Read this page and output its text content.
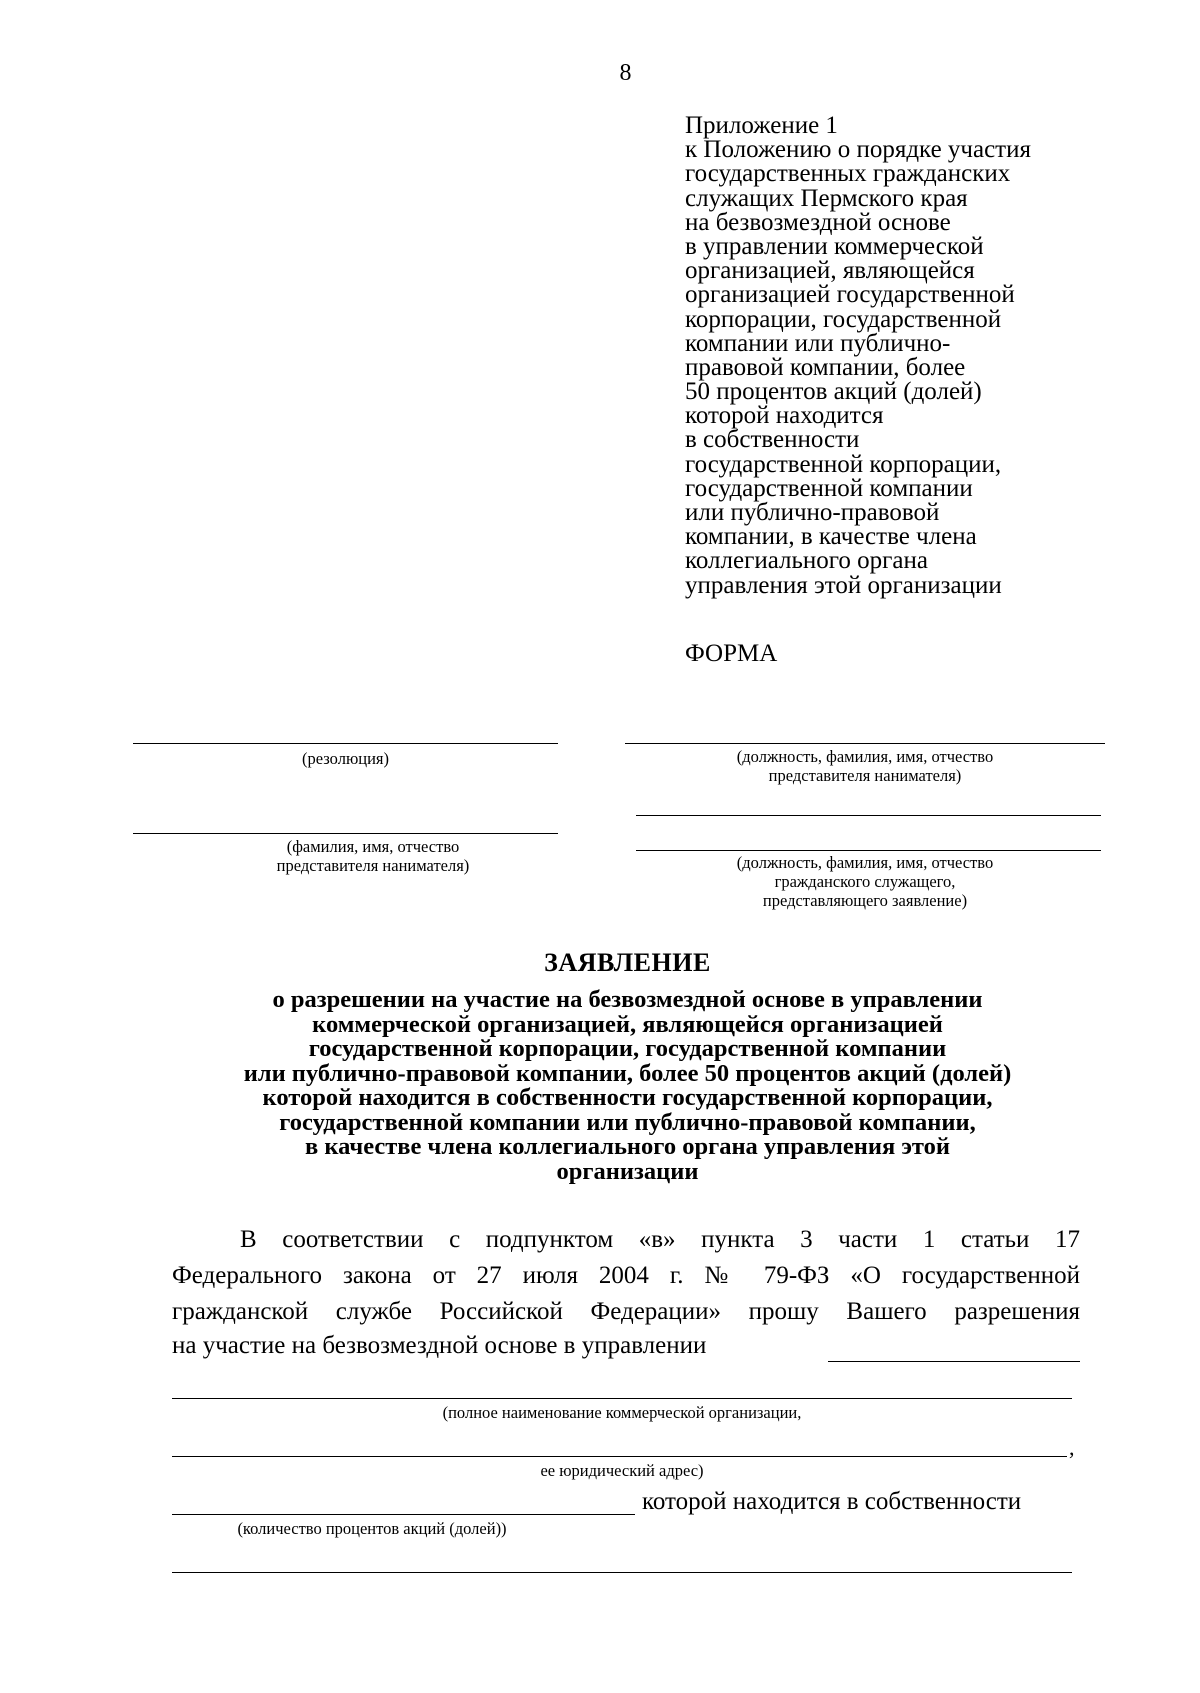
8
Приложение 1
к Положению о порядке участия
государственных гражданских
служащих Пермского края
на безвозмездной основе
в управлении коммерческой
организацией, являющейся
организацией государственной
корпорации, государственной
компании или публично-
правовой компании, более
50 процентов акций (долей)
которой находится
в собственности
государственной корпорации,
государственной компании
или публично-правовой
компании, в качестве члена
коллегиального органа
управления этой организации
ФОРМА
(резолюция)
(фамилия, имя, отчество
представителя нанимателя)
(должность, фамилия, имя, отчество
представителя нанимателя)
(должность, фамилия, имя, отчество
гражданского служащего,
представляющего заявление)
ЗАЯВЛЕНИЕ
о разрешении на участие на безвозмездной основе в управлении
коммерческой организацией, являющейся организацией
государственной корпорации, государственной компании
или публично-правовой компании, более 50 процентов акций (долей)
которой находится в собственности государственной корпорации,
государственной компании или публично-правовой компании,
в качестве члена коллегиального органа управления этой
организации
В соответствии с подпунктом «в» пункта 3 части 1 статьи 17
Федерального закона от 27 июля 2004 г. № 79-ФЗ «О государственной
гражданской службе Российской Федерации» прошу Вашего разрешения
на участие на безвозмездной основе в управлении
(полное наименование коммерческой организации,
,
ее юридический адрес)
которой находится в собственности
(количество процентов акций (долей))
